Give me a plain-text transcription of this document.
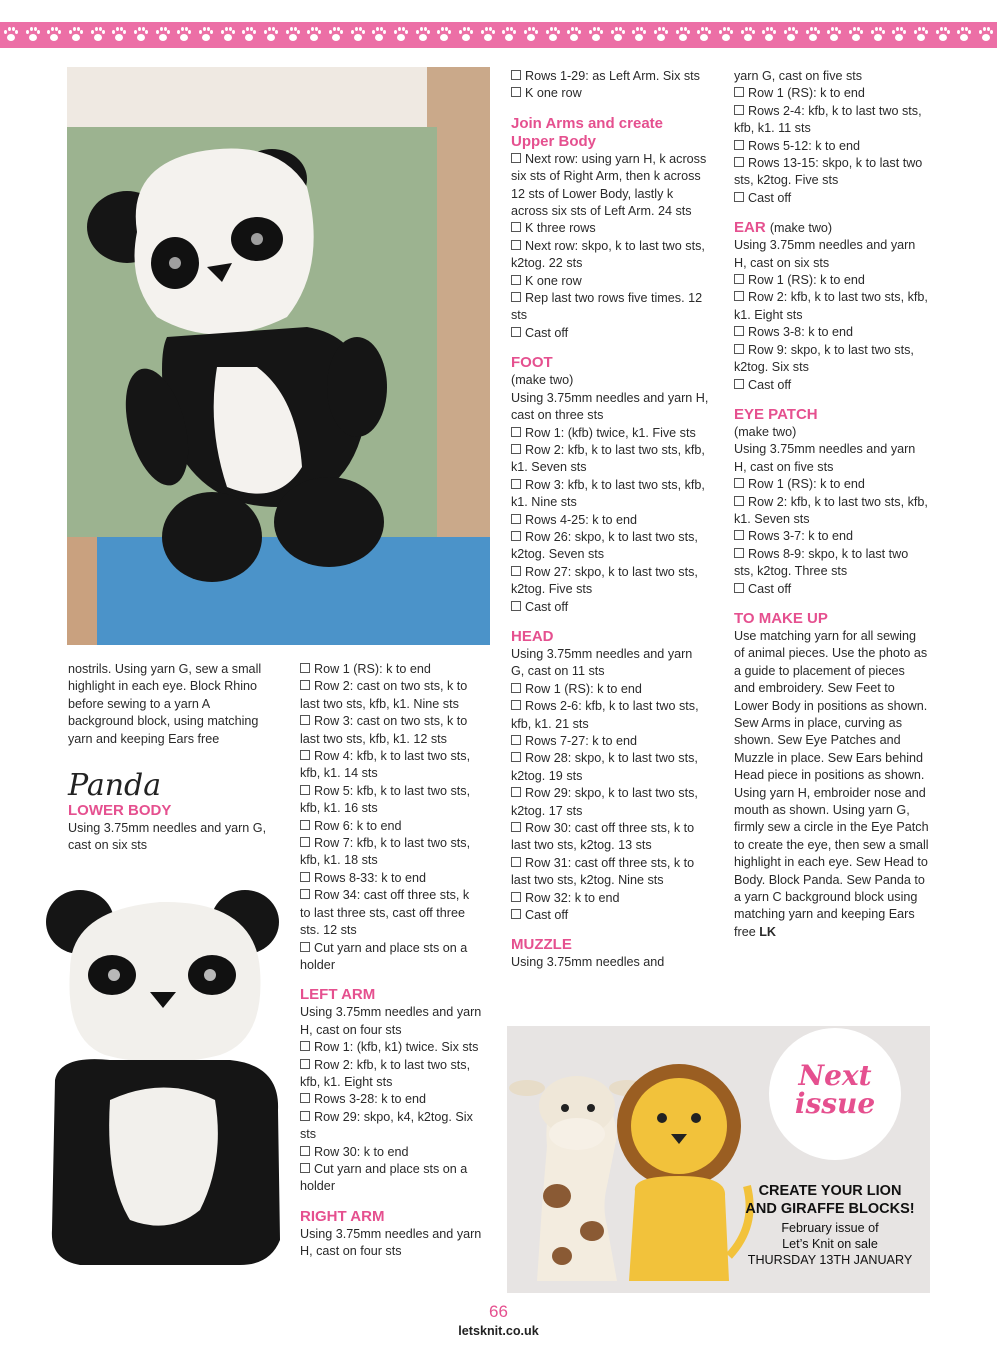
nostrils. Using yarn G, sew a small highlight in each eye. Block Rhino before sewing to a yarn A background block, using matching yarn and keeping Ears free

Panda

LOWER BODY

Using 3.75mm needles and yarn G, cast on six sts

Row 1 (RS): k to end

Row 2: cast on two sts, k to last two sts, kfb, k1. Nine sts

Row 3: cast on two sts, k to last two sts, kfb, k1. 12 sts

Row 4: kfb, k to last two sts, kfb, k1. 14 sts

Row 5: kfb, k to last two sts, kfb, k1. 16 sts

Row 6: k to end

Row 7: kfb, k to last two sts, kfb, k1. 18 sts

Rows 8-33: k to end

Row 34: cast off three sts, k to last three sts, cast off three sts. 12 sts

Cut yarn and place sts on a holder

LEFT ARM

Using 3.75mm needles and yarn H, cast on four sts

Row 1: (kfb, k1) twice. Six sts

Row 2: kfb, k to last two sts, kfb, k1. Eight sts

Rows 3-28: k to end

Row 29: skpo, k4, k2tog. Six sts

Row 30: k to end

Cut yarn and place sts on a holder

RIGHT ARM

Using 3.75mm needles and yarn H, cast on four sts

Rows 1-29: as Left Arm. Six sts

K one row

Join Arms and create Upper Body

Next row: using yarn H, k across six sts of Right Arm, then k across 12 sts of Lower Body, lastly k across six sts of Left Arm. 24 sts

K three rows

Next row: skpo, k to last two sts, k2tog. 22 sts

K one row

Rep last two rows five times. 12 sts

Cast off

FOOT

(make two)

Using 3.75mm needles and yarn H, cast on three sts

Row 1: (kfb) twice, k1. Five sts

Row 2: kfb, k to last two sts, kfb, k1. Seven sts

Row 3: kfb, k to last two sts, kfb, k1. Nine sts

Rows 4-25: k to end

Row 26: skpo, k to last two sts, k2tog. Seven sts

Row 27: skpo, k to last two sts, k2tog. Five sts

Cast off

HEAD

Using 3.75mm needles and yarn G, cast on 11 sts

Row 1 (RS): k to end

Rows 2-6: kfb, k to last two sts, kfb, k1. 21 sts

Rows 7-27: k to end

Row 28: skpo, k to last two sts, k2tog. 19 sts

Row 29: skpo, k to last two sts, k2tog. 17 sts

Row 30: cast off three sts, k to last two sts, k2tog. 13 sts

Row 31: cast off three sts, k to last two sts, k2tog. Nine sts

Row 32: k to end

Cast off

MUZZLE

Using 3.75mm needles and

yarn G, cast on five sts

Row 1 (RS): k to end

Rows 2-4: kfb, k to last two sts, kfb, k1. 11 sts

Rows 5-12: k to end

Rows 13-15: skpo, k to last two sts, k2tog. Five sts

Cast off

EAR (make two)

Using 3.75mm needles and yarn H, cast on six sts

Row 1 (RS): k to end

Row 2: kfb, k to last two sts, kfb, k1. Eight sts

Rows 3-8: k to end

Row 9: skpo, k to last two sts, k2tog. Six sts

Cast off

EYE PATCH

(make two)

Using 3.75mm needles and yarn H, cast on five sts

Row 1 (RS): k to end

Row 2: kfb, k to last two sts, kfb, k1. Seven sts

Rows 3-7: k to end

Rows 8-9: skpo, k to last two sts, k2tog. Three sts

Cast off

TO MAKE UP

Use matching yarn for all sewing of animal pieces. Use the photo as a guide to placement of pieces and embroidery. Sew Feet to Lower Body in positions as shown. Sew Arms in place, curving as shown. Sew Eye Patches and Muzzle in place. Sew Ears behind Head piece in positions as shown. Using yarn H, embroider nose and mouth as shown. Using yarn G, firmly sew a circle in the Eye Patch to create the eye, then sew a small highlight in each eye. Sew Head to Body. Block Panda. Sew Panda to a yarn C background block using matching yarn and keeping Ears free LK

Next
issue
CREATE YOUR LION
AND GIRAFFE BLOCKS!
February issue of
Let’s Knit on sale
THURSDAY 13TH JANUARY
66
letsknit.co.uk
